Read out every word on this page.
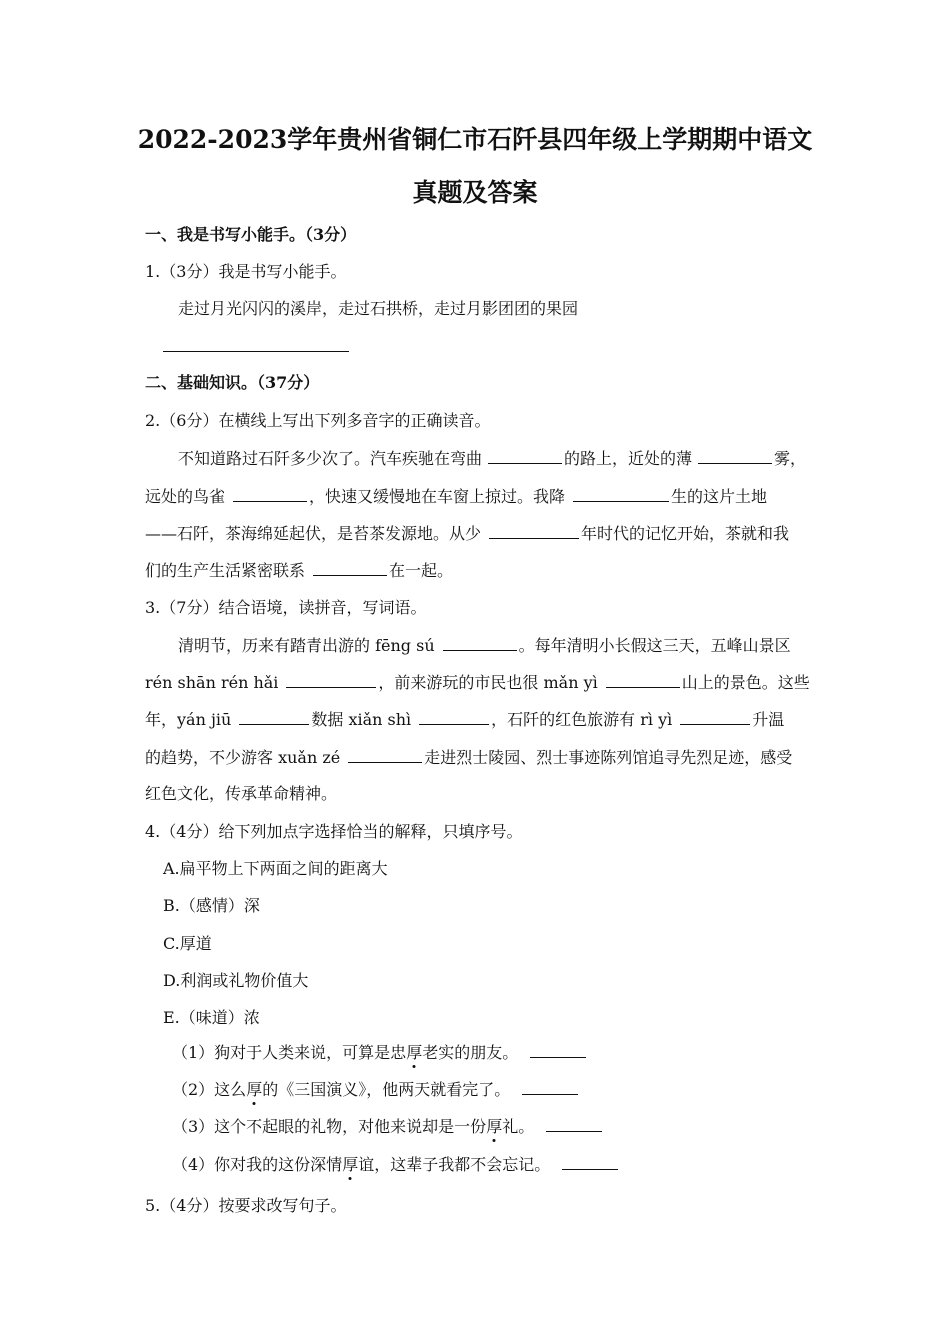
2022-2023学年贵州省铜仁市石阡县四年级上学期期中语文
真题及答案
一、我是书写小能手。（3分）
1.（3分）我是书写小能手。
走过月光闪闪的溪岸，走过石拱桥，走过月影团团的果园
二、基础知识。（37分）
2.（6分）在横线上写出下列多音字的正确读音。
不知道路过石阡多少次了。汽车疾驰在弯曲	的路上，近处的薄	雾，
远处的鸟雀	，快速又缓慢地在车窗上掠过。我降	生的这片土地
——石阡，茶海绵延起伏，是苔茶发源地。从少	年时代的记忆开始，茶就和我
们的生产生活紧密联系	在一起。
3.（7分）结合语境，读拼音，写词语。
清明节，历来有踏青出游的 fēng sú	。每年清明小长假这三天，五峰山景区
rén shān rén hǎi	，前来游玩的市民也很 mǎn yì	山上的景色。这些
年，yán jiū	数据 xiǎn shì	，石阡的红色旅游有 rì yì	升温
的趋势，不少游客 xuǎn zé	走进烈士陵园、烈士事迹陈列馆追寻先烈足迹，感受
红色文化，传承革命精神。
4.（4分）给下列加点字选择恰当的解释，只填序号。
A.扁平物上下两面之间的距离大
B.（感情）深
C.厚道
D.利润或礼物价值大
E.（味道）浓
（1）狗对于人类来说，可算是忠厚老实的朋友。
（2）这么厚的《三国演义》，他两天就看完了。
（3）这个不起眼的礼物，对他来说却是一份厚礼。
（4）你对我的这份深情厚谊，这辈子我都不会忘记。
5.（4分）按要求改写句子。
